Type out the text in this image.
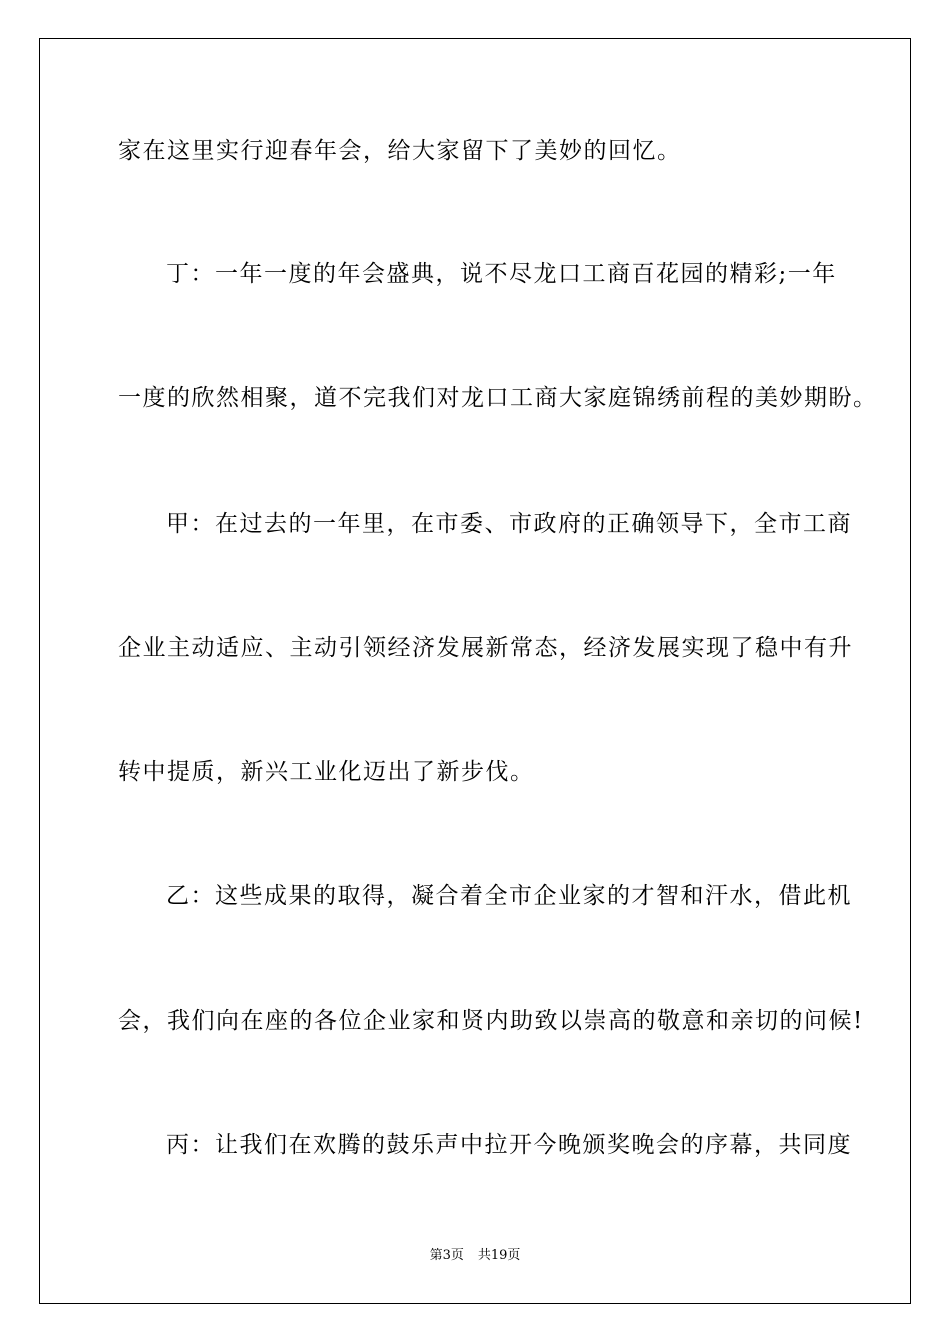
家在这里实行迎春年会，给大家留下了美妙的回忆。
丁：一年一度的年会盛典，说不尽龙口工商百花园的精彩;一年
一度的欣然相聚，道不完我们对龙口工商大家庭锦绣前程的美妙期盼。
甲：在过去的一年里，在市委、市政府的正确领导下，全市工商
企业主动适应、主动引领经济发展新常态，经济发展实现了稳中有升
转中提质，新兴工业化迈出了新步伐。
乙：这些成果的取得，凝合着全市企业家的才智和汗水，借此机
会，我们向在座的各位企业家和贤内助致以崇高的敬意和亲切的问候!
丙：让我们在欢腾的鼓乐声中拉开今晚颁奖晚会的序幕，共同度
第3页 共19页
